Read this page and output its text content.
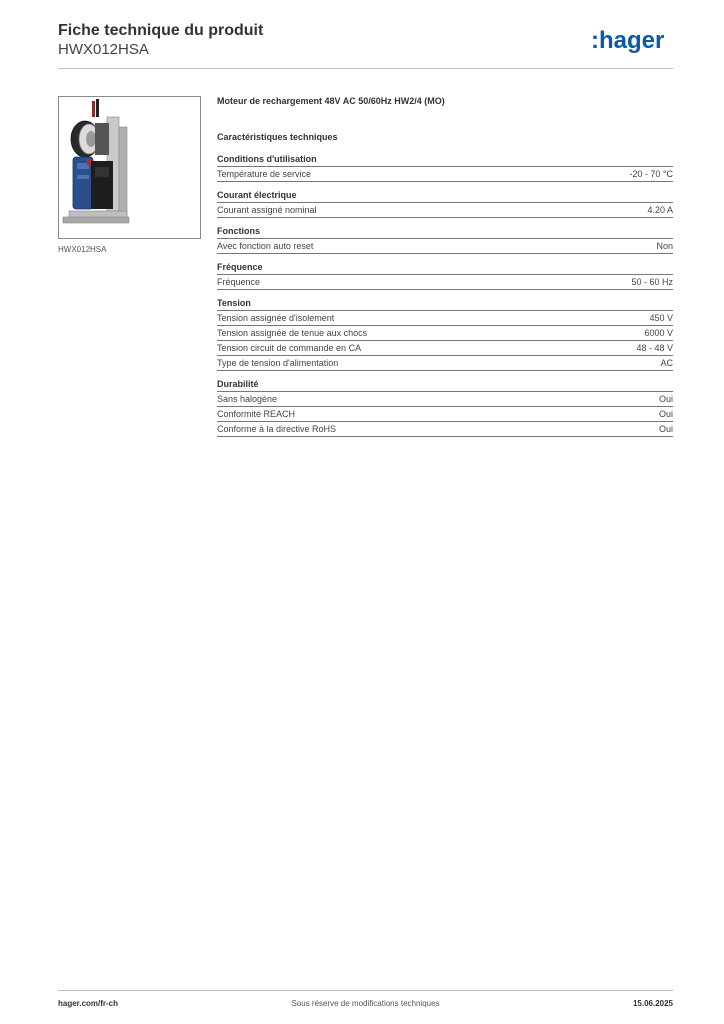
Fiche technique du produit
HWX012HSA	:hager
HWX012HSA
Moteur de rechargement 48V AC 50/60Hz HW2/4 (MO)
Caractéristiques techniques
Conditions d'utilisation
Température de service	-20 - 70 °C
Courant électrique
Courant assigné nominal	4.20 A
Fonctions
Avec fonction auto reset	Non
Fréquence
Fréquence	50 - 60 Hz
Tension
Tension assignée d'isolement	450 V
Tension assignée de tenue aux chocs	6000 V
Tension circuit de commande en CA	48 - 48 V
Type de tension d'alimentation	AC
Durabilité
Sans halogène	Oui
Conformité REACH	Oui
Conforme à la directive RoHS	Oui
hager.com/fr-ch	Sous réserve de modifications techniques	15.06.2025
